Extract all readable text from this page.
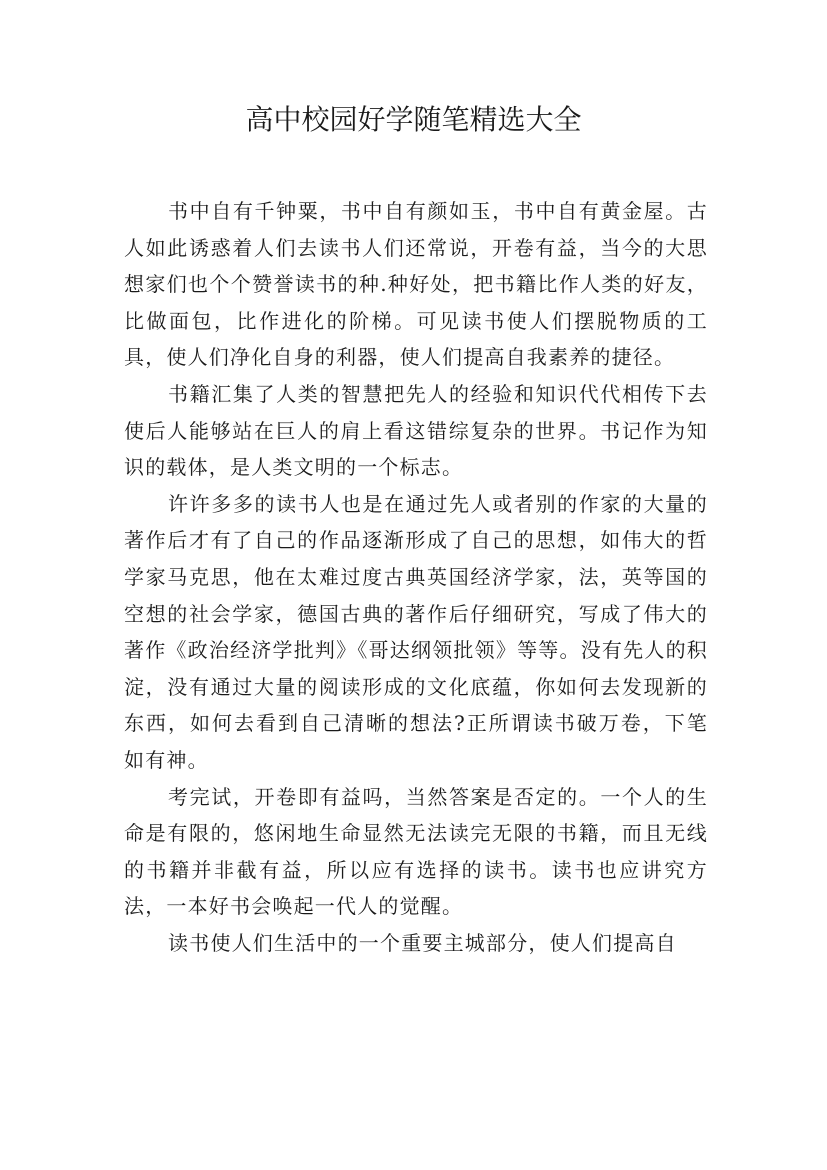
高中校园好学随笔精选大全

书中自有千钟粟，书中自有颜如玉，书中自有黄金屋。古人如此诱惑着人们去读书人们还常说，开卷有益，当今的大思想家们也个个赞誉读书的种.种好处，把书籍比作人类的好友，比做面包，比作进化的阶梯。可见读书使人们摆脱物质的工具，使人们净化自身的利器，使人们提高自我素养的捷径。

书籍汇集了人类的智慧把先人的经验和知识代代相传下去使后人能够站在巨人的肩上看这错综复杂的世界。书记作为知识的载体，是人类文明的一个标志。

许许多多的读书人也是在通过先人或者别的作家的大量的著作后才有了自己的作品逐渐形成了自己的思想，如伟大的哲学家马克思，他在太难过度古典英国经济学家，法，英等国的空想的社会学家，德国古典的著作后仔细研究，写成了伟大的著作《政治经济学批判》《哥达纲领批领》等等。没有先人的积淀，没有通过大量的阅读形成的文化底蕴，你如何去发现新的东西，如何去看到自己清晰的想法?正所谓读书破万卷，下笔如有神。

考完试，开卷即有益吗，当然答案是否定的。一个人的生命是有限的，悠闲地生命显然无法读完无限的书籍，而且无线的书籍并非截有益，所以应有选择的读书。读书也应讲究方法，一本好书会唤起一代人的觉醒。

读书使人们生活中的一个重要主城部分，使人们提高自
